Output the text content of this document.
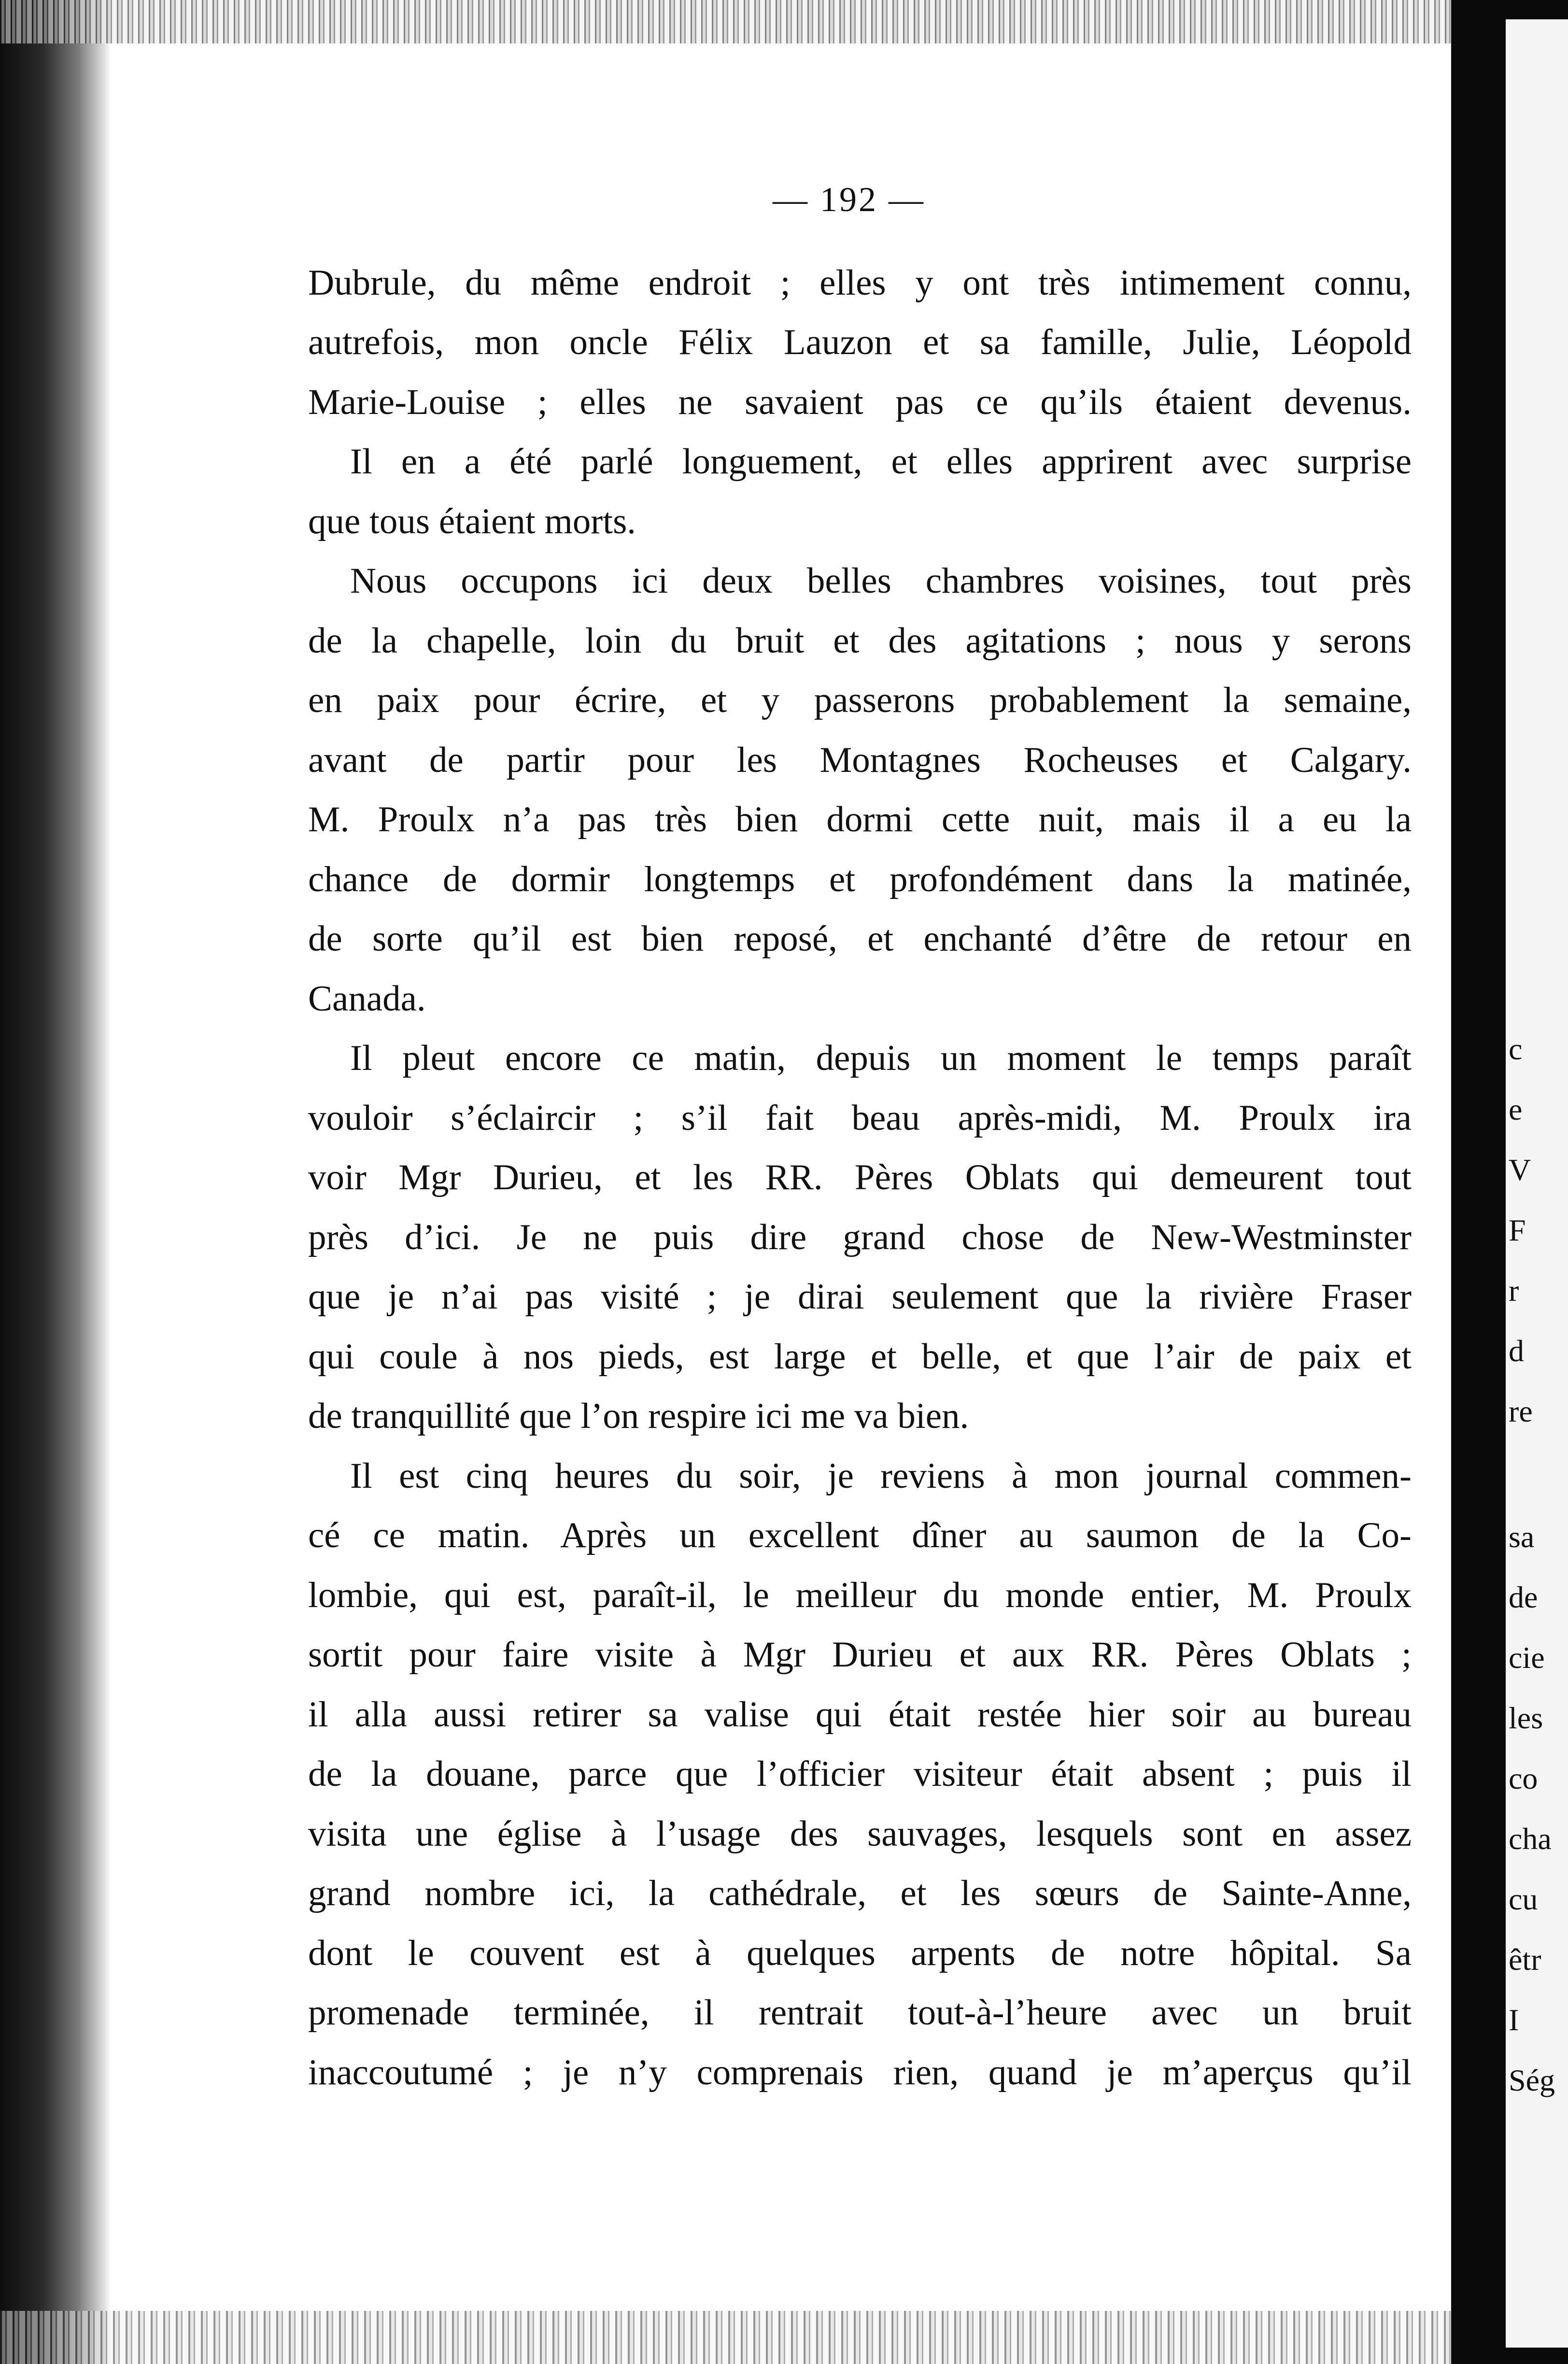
c
e
V
F
r
d
re
sa
de
cie
les
co
cha
cu
êtr
I
Ség
— 192 —
Dubrule, du même endroit ; elles y ont très intimement connu,
autrefois, mon oncle Félix Lauzon et sa famille, Julie, Léopold
Marie-Louise ; elles ne savaient pas ce qu’ils étaient devenus.
Il en a été parlé longuement, et elles apprirent avec surprise
que tous étaient morts.
Nous occupons ici deux belles chambres voisines, tout près
de la chapelle, loin du bruit et des agitations ; nous y serons
en paix pour écrire, et y passerons probablement la semaine,
avant de partir pour les Montagnes Rocheuses et Calgary.
M. Proulx n’a pas très bien dormi cette nuit, mais il a eu la
chance de dormir longtemps et profondément dans la matinée,
de sorte qu’il est bien reposé, et enchanté d’être de retour en
Canada.
Il pleut encore ce matin, depuis un moment le temps paraît
vouloir s’éclaircir ; s’il fait beau après-midi, M. Proulx ira
voir Mgr Durieu, et les RR. Pères Oblats qui demeurent tout
près d’ici. Je ne puis dire grand chose de New-Westminster
que je n’ai pas visité ; je dirai seulement que la rivière Fraser
qui coule à nos pieds, est large et belle, et que l’air de paix et
de tranquillité que l’on respire ici me va bien.
Il est cinq heures du soir, je reviens à mon journal commen-
cé ce matin. Après un excellent dîner au saumon de la Co-
lombie, qui est, paraît-il, le meilleur du monde entier, M. Proulx
sortit pour faire visite à Mgr Durieu et aux RR. Pères Oblats ;
il alla aussi retirer sa valise qui était restée hier soir au bureau
de la douane, parce que l’officier visiteur était absent ; puis il
visita une église à l’usage des sauvages, lesquels sont en assez
grand nombre ici, la cathédrale, et les sœurs de Sainte-Anne,
dont le couvent est à quelques arpents de notre hôpital. Sa
promenade terminée, il rentrait tout-à-l’heure avec un bruit
inaccoutumé ; je n’y comprenais rien, quand je m’aperçus qu’il
